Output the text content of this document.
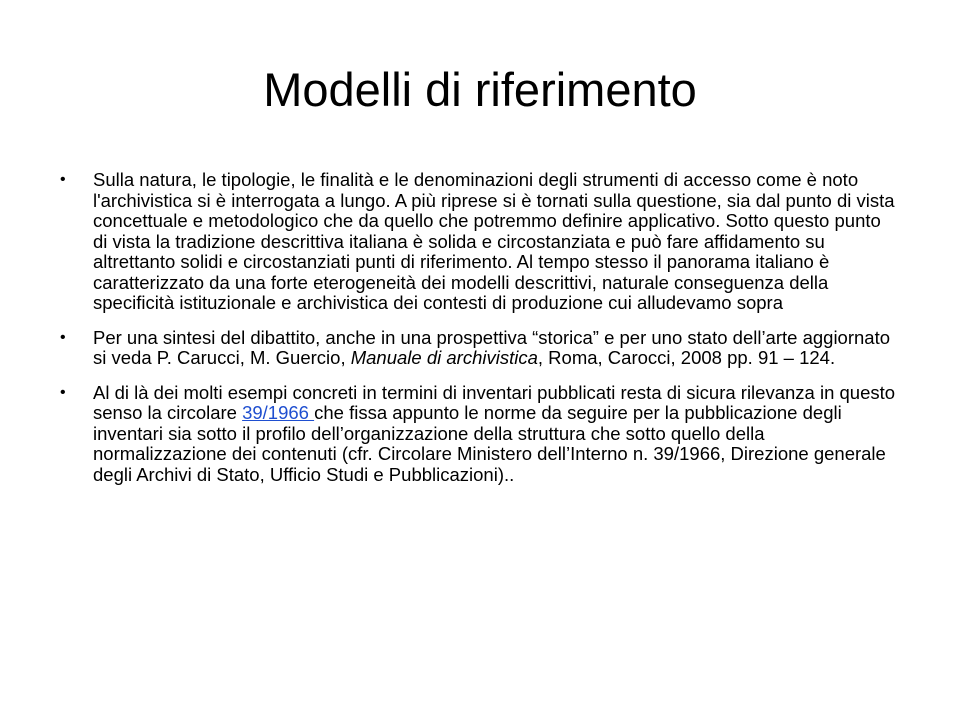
Modelli di riferimento
•	Sulla natura, le tipologie, le finalità e le denominazioni degli strumenti di accesso come è noto l'archivistica si è interrogata a lungo. A più riprese si è tornati sulla questione, sia dal punto di vista concettuale e metodologico che da quello che potremmo definire applicativo. Sotto questo punto di vista la tradizione descrittiva italiana è solida e circostanziata e può fare affidamento su altrettanto solidi e circostanziati punti di riferimento. Al tempo stesso il panorama italiano è caratterizzato da una forte eterogeneità dei modelli descrittivi, naturale conseguenza della specificità istituzionale e archivistica dei contesti di produzione cui alludevamo sopra
•	Per una sintesi del dibattito, anche in una prospettiva “storica” e per uno stato dell’arte aggiornato si veda P. Carucci, M. Guercio, Manuale di archivistica, Roma, Carocci, 2008 pp. 91 – 124.
•	Al di là dei molti esempi concreti in termini di inventari pubblicati resta di sicura rilevanza in questo senso la circolare 39/1966 che fissa appunto le norme da seguire per la pubblicazione degli inventari sia sotto il profilo dell’organizzazione della struttura che sotto quello della normalizzazione dei contenuti (cfr. Circolare Ministero dell’Interno n. 39/1966, Direzione generale degli Archivi di Stato, Ufficio Studi e Pubblicazioni)..
